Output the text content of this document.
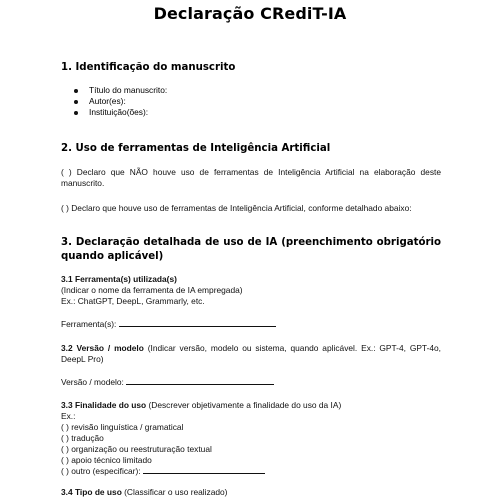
Declaração CRediT-IA
1. Identificação do manuscrito
Título do manuscrito:
Autor(es):
Instituição(ões):
2. Uso de ferramentas de Inteligência Artificial
( ) Declaro que NÃO houve uso de ferramentas de Inteligência Artificial na elaboração deste manuscrito.
( ) Declaro que houve uso de ferramentas de Inteligência Artificial, conforme detalhado abaixo:
3. Declaração detalhada de uso de IA (preenchimento obrigatório quando aplicável)
3.1 Ferramenta(s) utilizada(s)
(Indicar o nome da ferramenta de IA empregada)
Ex.: ChatGPT, DeepL, Grammarly, etc.
Ferramenta(s):
3.2 Versão / modelo (Indicar versão, modelo ou sistema, quando aplicável. Ex.: GPT-4, GPT-4o, DeepL Pro)
Versão / modelo:
3.3 Finalidade do uso (Descrever objetivamente a finalidade do uso da IA)
Ex.:
( ) revisão linguística / gramatical
( ) tradução
( ) organização ou reestruturação textual
( ) apoio técnico limitado
( ) outro (especificar):
3.4 Tipo de uso (Classificar o uso realizado)
